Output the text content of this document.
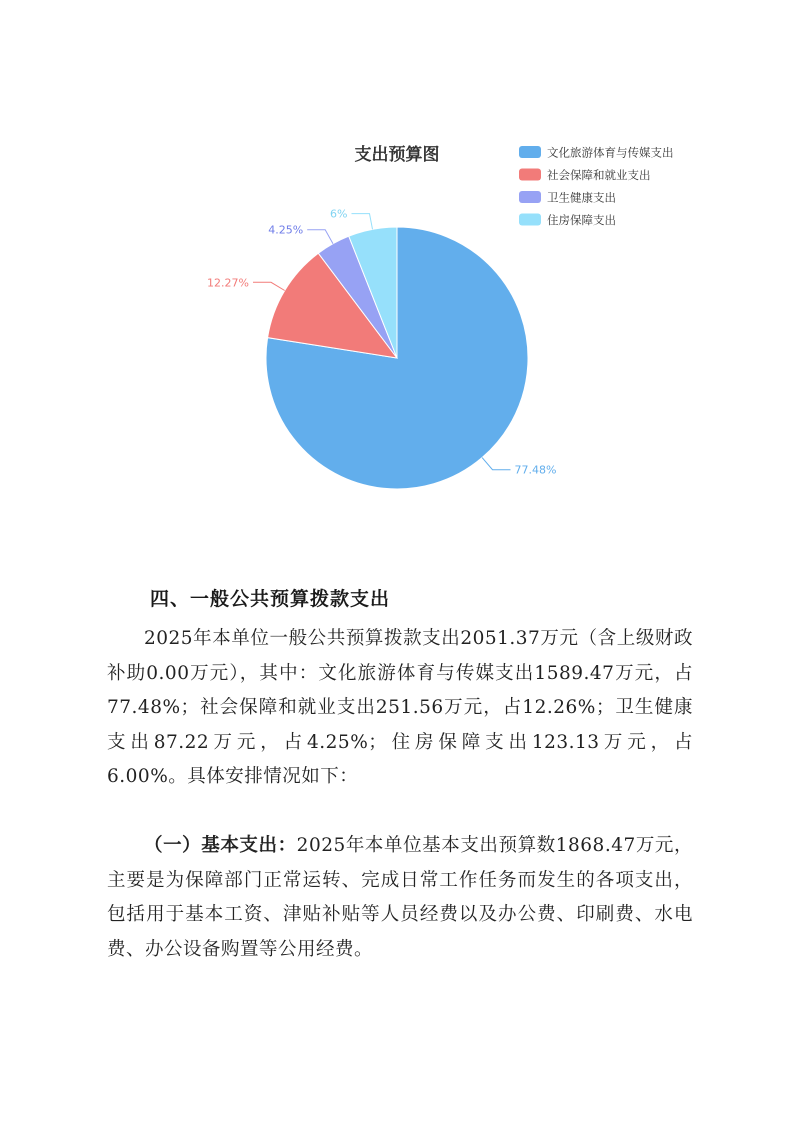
支出预算图
77.48%
12.27%
4.25%
6%
文化旅游体育与传媒支出
社会保障和就业支出
卫生健康支出
住房保障支出
四、一般公共预算拨款支出

2025年本单位一般公共预算拨款支出2051.37万元（含上级财政补助0.00万元），其中：文化旅游体育与传媒支出1589.47万元，占77.48%；社会保障和就业支出251.56万元，占12.26%；卫生健康支出87.22万元，占4.25%；住房保障支出123.13万元，占6.00%。具体安排情况如下：

（一）基本支出：2025年本单位基本支出预算数1868.47万元，主要是为保障部门正常运转、完成日常工作任务而发生的各项支出，包括用于基本工资、津贴补贴等人员经费以及办公费、印刷费、水电费、办公设备购置等公用经费。
